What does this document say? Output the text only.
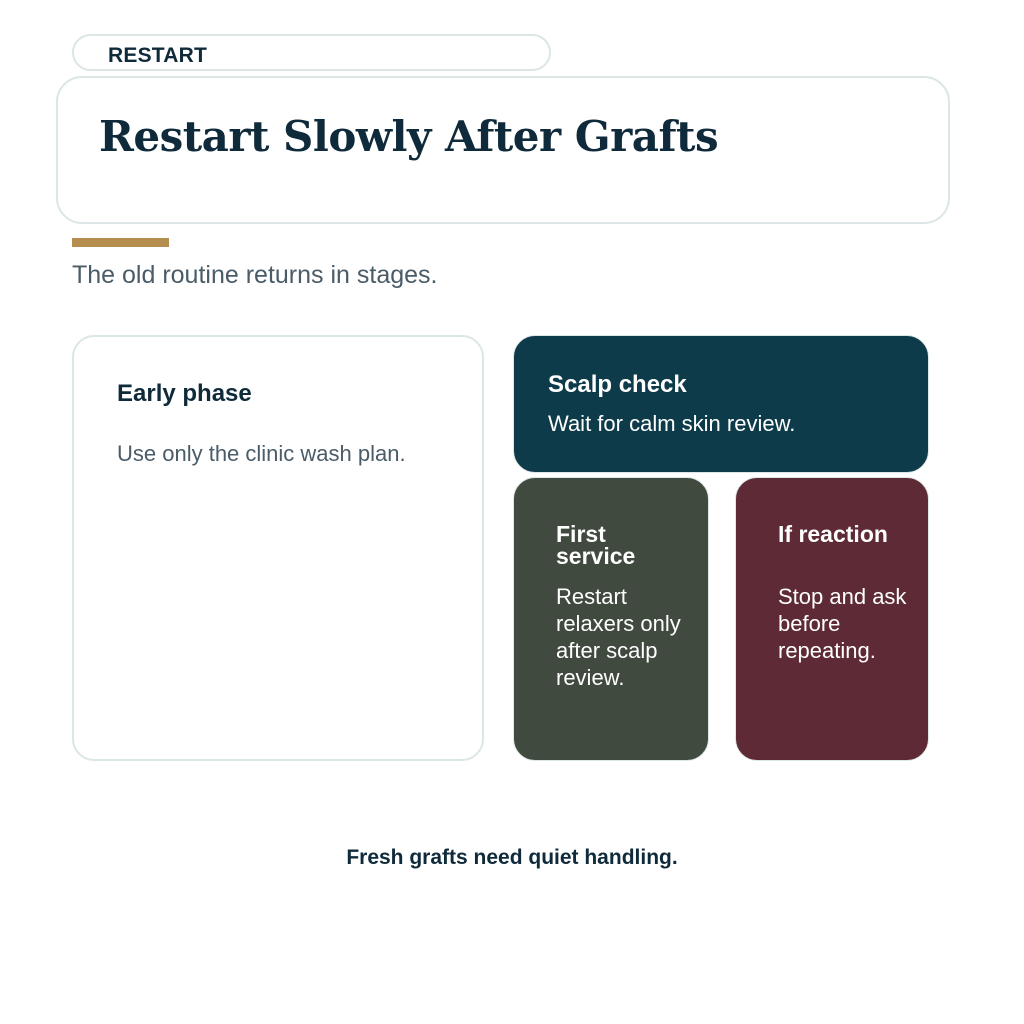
RESTART
Restart Slowly After Grafts
The old routine returns in stages.
Early phase
Use only the clinic wash plan.
Scalp check
Wait for calm skin review.
First service
Restart relaxers only after scalp review.
If reaction
Stop and ask before repeating.
Fresh grafts need quiet handling.
